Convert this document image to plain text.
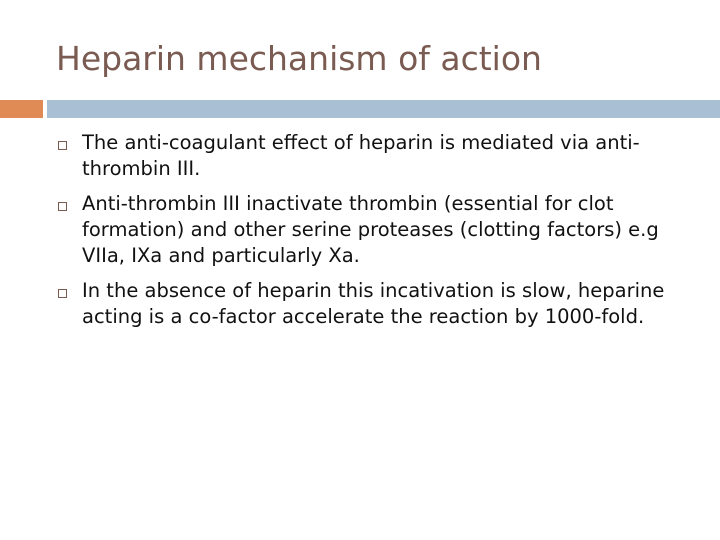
Heparin mechanism of action
The anti-coagulant effect of heparin is mediated via anti-thrombin III.
Anti-thrombin III inactivate thrombin (essential for clot formation) and other serine proteases (clotting factors) e.g VIIa, IXa and particularly Xa.
In the absence of heparin this incativation is slow, heparine acting is a co-factor accelerate the reaction by 1000-fold.
